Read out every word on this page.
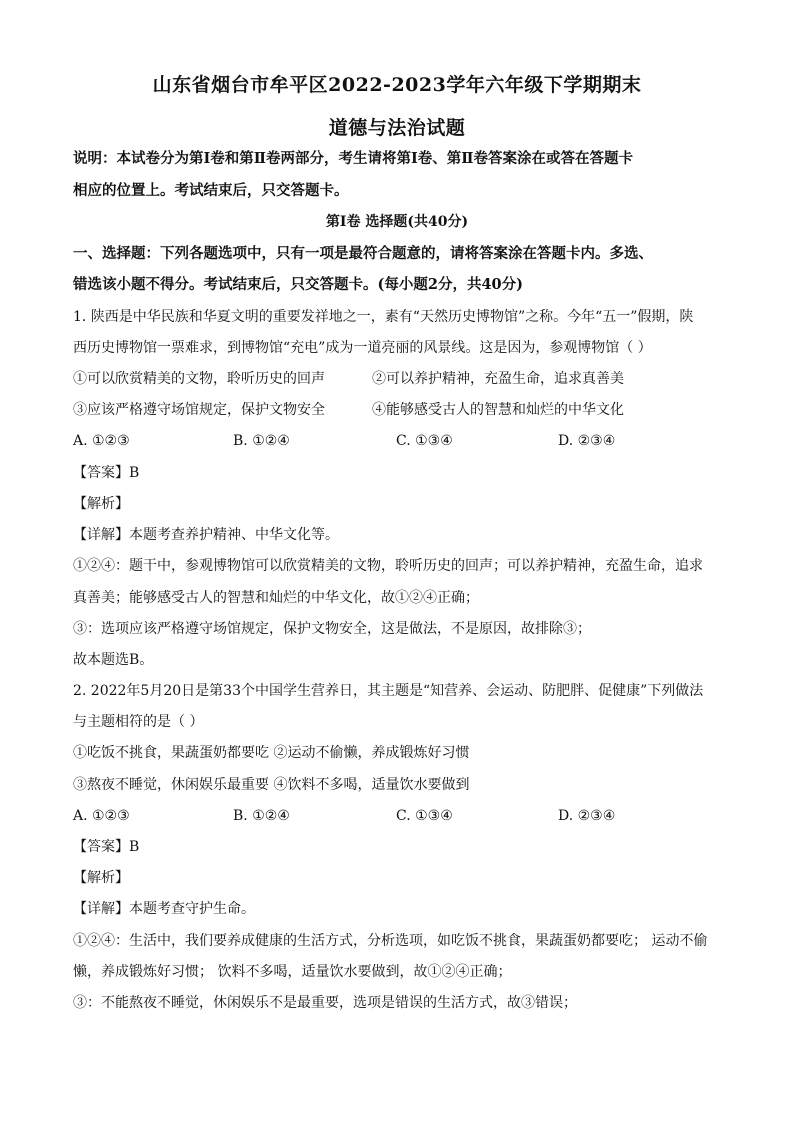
山东省烟台市牟平区2022-2023学年六年级下学期期末
道德与法治试题
说明：本试卷分为第Ⅰ卷和第Ⅱ卷两部分，考生请将第Ⅰ卷、第Ⅱ卷答案涂在或答在答题卡
相应的位置上。考试结束后，只交答题卡。
第Ⅰ卷 选择题(共40分)
一、选择题：下列各题选项中，只有一项是最符合题意的，请将答案涂在答题卡内。多选、
错选该小题不得分。考试结束后，只交答题卡。(每小题2分，共40分)
1. 陕西是中华民族和华夏文明的重要发祥地之一，素有“天然历史博物馆”之称。今年“五一”假期，陕
西历史博物馆一票难求，到博物馆“充电”成为一道亮丽的风景线。这是因为，参观博物馆（ ）
①可以欣赏精美的文物，聆听历史的回声	②可以养护精神，充盈生命，追求真善美
③应该严格遵守场馆规定，保护文物安全	④能够感受古人的智慧和灿烂的中华文化
A. ①②③	B. ①②④	C. ①③④	D. ②③④
【答案】B
【解析】
【详解】本题考查养护精神、中华文化等。
①②④：题干中，参观博物馆可以欣赏精美的文物，聆听历史的回声；可以养护精神，充盈生命，追求
真善美；能够感受古人的智慧和灿烂的中华文化，故①②④正确；
③：选项应该严格遵守场馆规定，保护文物安全，这是做法，不是原因，故排除③；
故本题选B。
2. 2022年5月20日是第33个中国学生营养日，其主题是“知营养、会运动、防肥胖、促健康”下列做法
与主题相符的是（ ）
①吃饭不挑食，果蔬蛋奶都要吃 ②运动不偷懒，养成锻炼好习惯
③熬夜不睡觉，休闲娱乐最重要 ④饮料不多喝，适量饮水要做到
A. ①②③	B. ①②④	C. ①③④	D. ②③④
【答案】B
【解析】
【详解】本题考查守护生命。
①②④：生活中，我们要养成健康的生活方式，分析选项，如吃饭不挑食，果蔬蛋奶都要吃； 运动不偷
懒，养成锻炼好习惯； 饮料不多喝，适量饮水要做到，故①②④正确；
③：不能熬夜不睡觉，休闲娱乐不是最重要，选项是错误的生活方式，故③错误；
